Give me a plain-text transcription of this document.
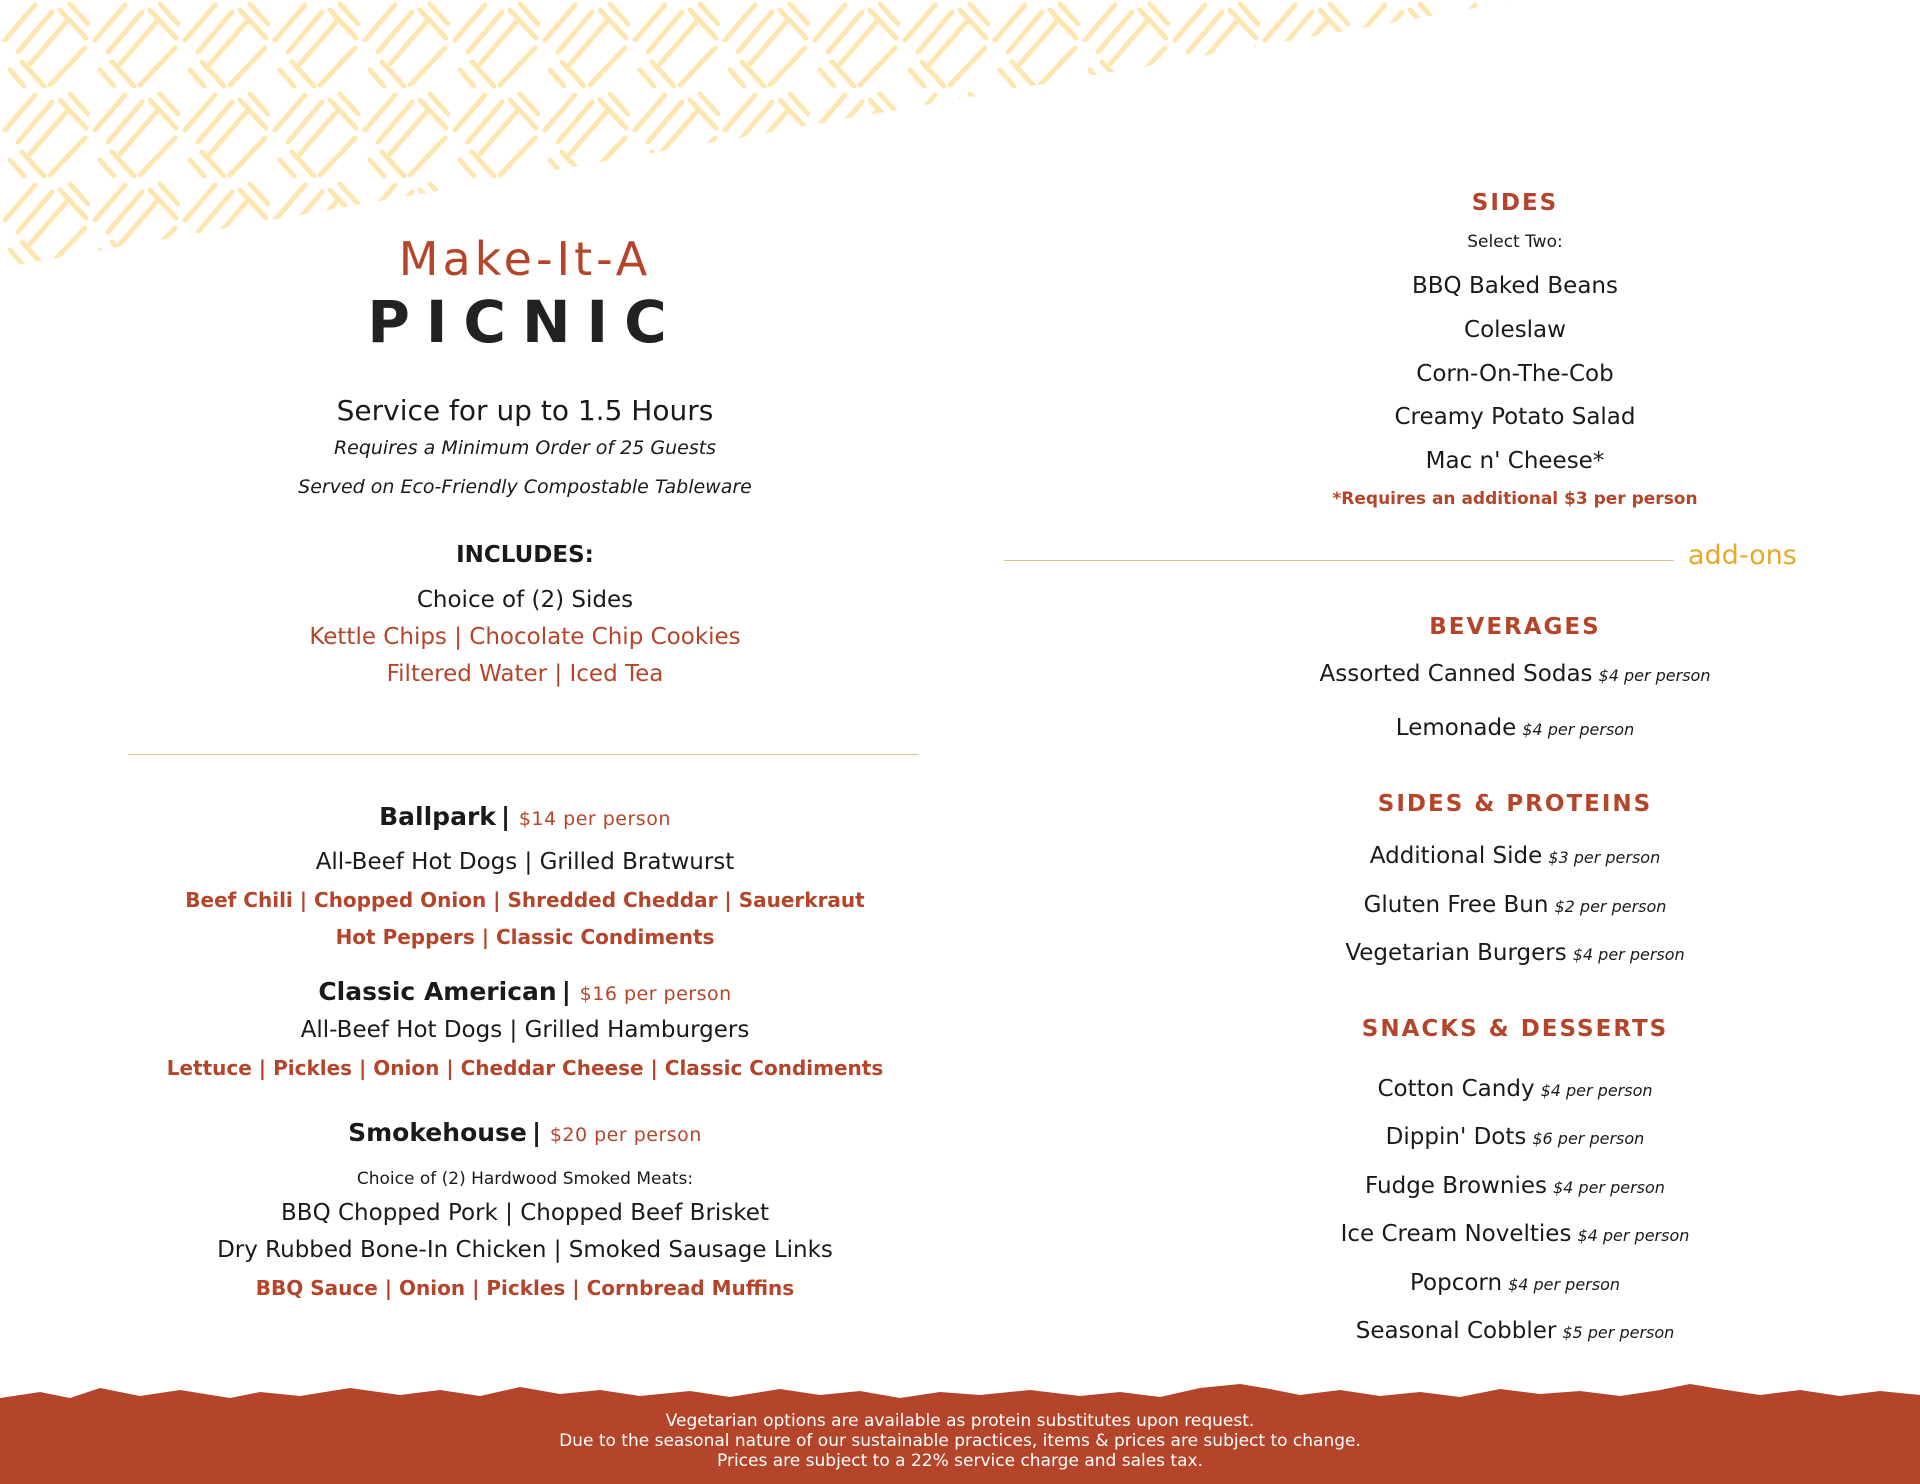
Make-It-A
PICNIC
Service for up to 1.5 Hours
Requires a Minimum Order of 25 Guests
Served on Eco-Friendly Compostable Tableware
INCLUDES:
Choice of (2) Sides
Kettle Chips | Chocolate Chip Cookies
Filtered Water | Iced Tea
Ballpark | $14 per person
All-Beef Hot Dogs | Grilled Bratwurst
Beef Chili | Chopped Onion | Shredded Cheddar | Sauerkraut
Hot Peppers | Classic Condiments
Classic American | $16 per person
All-Beef Hot Dogs | Grilled Hamburgers
Lettuce | Pickles | Onion | Cheddar Cheese | Classic Condiments
Smokehouse | $20 per person
Choice of (2) Hardwood Smoked Meats:
BBQ Chopped Pork | Chopped Beef Brisket
Dry Rubbed Bone-In Chicken | Smoked Sausage Links
BBQ Sauce | Onion | Pickles | Cornbread Muffins
SIDES
Select Two:
BBQ Baked Beans
Coleslaw
Corn-On-The-Cob
Creamy Potato Salad
Mac n' Cheese*
*Requires an additional $3 per person
add-ons
BEVERAGES
Assorted Canned Sodas $4 per person
Lemonade $4 per person
SIDES & PROTEINS
Additional Side $3 per person
Gluten Free Bun $2 per person
Vegetarian Burgers $4 per person
SNACKS & DESSERTS
Cotton Candy $4 per person
Dippin' Dots $6 per person
Fudge Brownies $4 per person
Ice Cream Novelties $4 per person
Popcorn $4 per person
Seasonal Cobbler $5 per person
Vegetarian options are available as protein substitutes upon request.
Due to the seasonal nature of our sustainable practices, items & prices are subject to change.
Prices are subject to a 22% service charge and sales tax.
